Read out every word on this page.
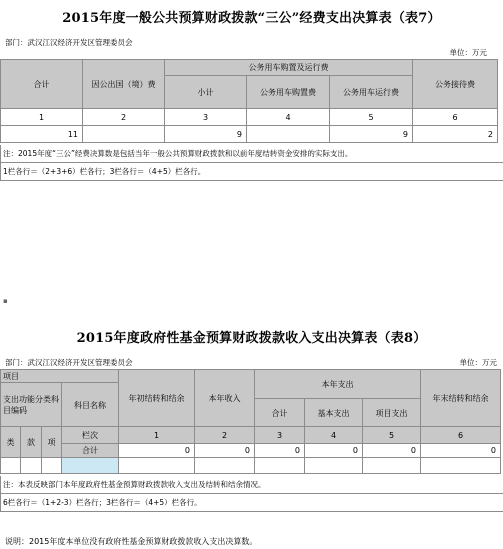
2015年度一般公共预算财政拨款“三公”经费支出决算表（表7）
部门：武汉江汉经济开发区管理委员会
单位：万元
合计	因公出国（境）费	公务用车购置及运行费			公务接待费
		小计	公务用车购置费	公务用车运行费	
1	2	3	4	5	6
11		9		9	2
注：2015年度“三公”经费决算数是包括当年一般公共预算财政拨款和以前年度结转资金安排的实际支出。
1栏各行＝（2+3+6）栏各行；3栏各行＝（4+5）栏各行。
▪
2015年度政府性基金预算财政拨款收入支出决算表（表8）
部门：武汉江汉经济开发区管理委员会	单位：万元
项目		年初结转和结余	本年收入	本年支出			年末结转和结余
支出功能分类科目编码	科目名称						
				合计	基本支出	项目支出	
类	款	项	栏次	1	2	3	4	5	6
			合计	0	0	0	0	0	0

注：本表反映部门本年度政府性基金预算财政拨款收入支出及结转和结余情况。
6栏各行＝（1+2-3）栏各行；3栏各行＝（4+5）栏各行。
说明：2015年度本单位没有政府性基金预算财政拨款收入支出决算数。
